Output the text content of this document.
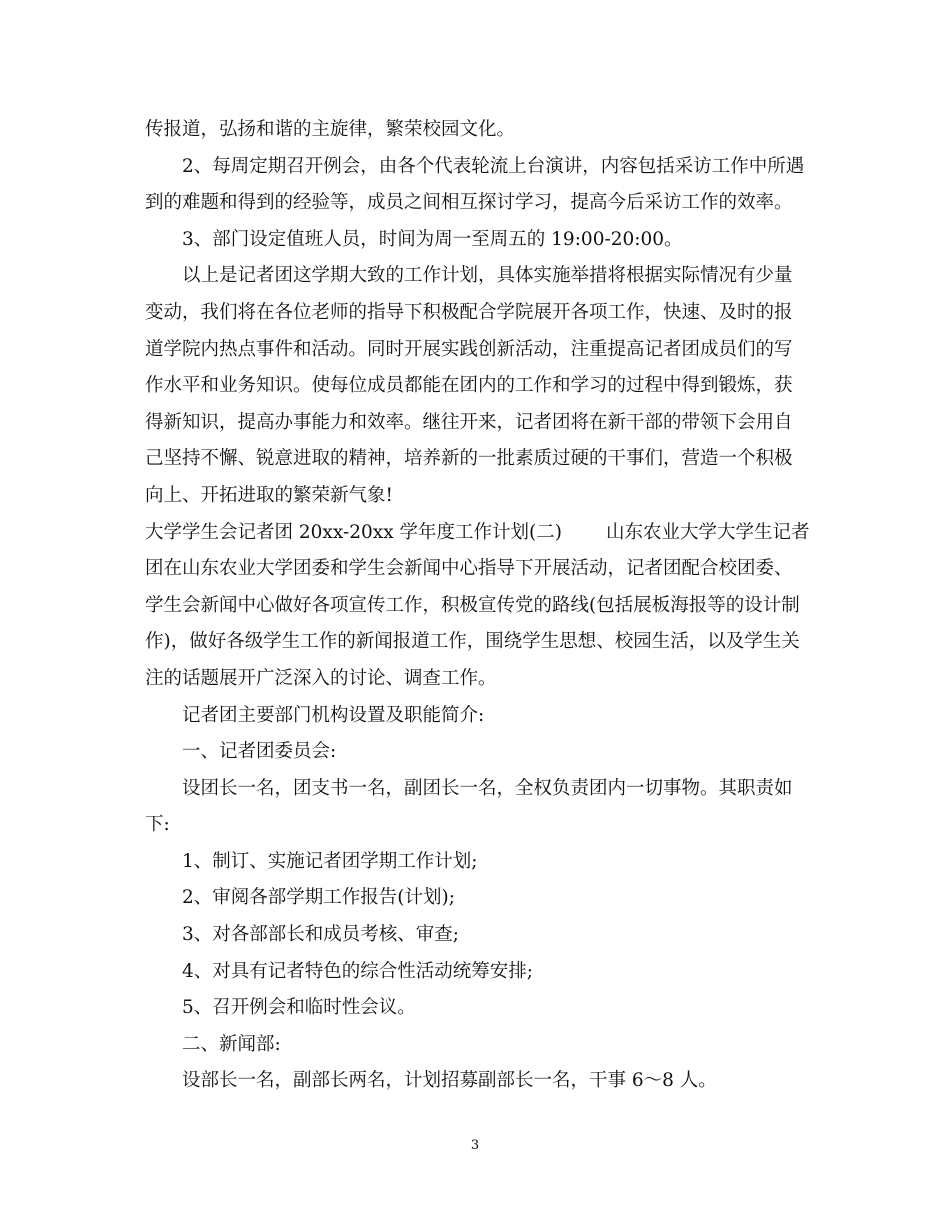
传报道，弘扬和谐的主旋律，繁荣校园文化。
2、每周定期召开例会，由各个代表轮流上台演讲，内容包括采访工作中所遇
到的难题和得到的经验等，成员之间相互探讨学习，提高今后采访工作的效率。
3、部门设定值班人员，时间为周一至周五的 19:00-20:00。
以上是记者团这学期大致的工作计划，具体实施举措将根据实际情况有少量
变动，我们将在各位老师的指导下积极配合学院展开各项工作，快速、及时的报
道学院内热点事件和活动。同时开展实践创新活动，注重提高记者团成员们的写
作水平和业务知识。使每位成员都能在团内的工作和学习的过程中得到锻炼，获
得新知识，提高办事能力和效率。继往开来，记者团将在新干部的带领下会用自
己坚持不懈、锐意进取的精神，培养新的一批素质过硬的干事们，营造一个积极
向上、开拓进取的繁荣新气象!
大学学生会记者团 20xx-20xx 学年度工作计划(二) 山东农业大学大学生记者
团在山东农业大学团委和学生会新闻中心指导下开展活动，记者团配合校团委、
学生会新闻中心做好各项宣传工作，积极宣传党的路线(包括展板海报等的设计制
作)，做好各级学生工作的新闻报道工作，围绕学生思想、校园生活，以及学生关
注的话题展开广泛深入的讨论、调查工作。
记者团主要部门机构设置及职能简介:
一、记者团委员会:
设团长一名，团支书一名，副团长一名，全权负责团内一切事物。其职责如
下:
1、制订、实施记者团学期工作计划;
2、审阅各部学期工作报告(计划);
3、对各部部长和成员考核、审查;
4、对具有记者特色的综合性活动统筹安排;
5、召开例会和临时性会议。
二、新闻部:
设部长一名，副部长两名，计划招募副部长一名，干事 6～8 人。
3
